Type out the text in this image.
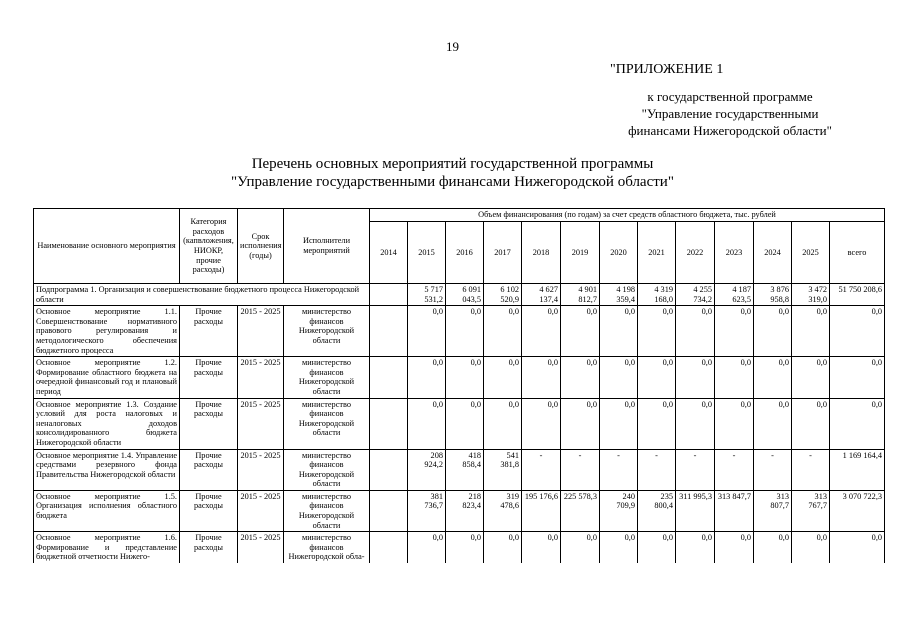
19
"ПРИЛОЖЕНИЕ 1
к государственной программе
"Управление государственными
финансами Нижегородской области"
Перечень основных мероприятий государственной программы
"Управление государственными финансами Нижегородской области"
Наименование основного мероприятия	Категория расходов (капвложения, НИОКР, прочие расходы)	Срок исполнения (годы)	Исполнители мероприятий	Объем финансирования (по годам) за счет средств областного бюджета, тыс. рублей												
				2014	2015	2016	2017	2018	2019	2020	2021	2022	2023	2024	2025	всего
Подпрограмма 1. Организация и совершенствование бюджетного процесса Нижегородской области					5 717 531,2	6 091 043,5	6 102 520,9	4 627 137,4	4 901 812,7	4 198 359,4	4 319 168,0	4 255 734,2	4 187 623,5	3 876 958,8	3 472 319,0	51 750 208,6
Основное мероприятие 1.1. Совершенствование нормативного правового регулирования и методологического обеспечения бюджетного процесса	Прочие расходы	2015 - 2025	министерство финансов Нижегородской области		0,0	0,0	0,0	0,0	0,0	0,0	0,0	0,0	0,0	0,0	0,0	0,0
Основное мероприятие 1.2. Формирование областного бюджета на очередной финансовый год и плановый период	Прочие расходы	2015 - 2025	министерство финансов Нижегородской области		0,0	0,0	0,0	0,0	0,0	0,0	0,0	0,0	0,0	0,0	0,0	0,0
Основное мероприятие 1.3. Создание условий для роста налоговых и неналоговых доходов консолидированного бюджета Нижегородской области	Прочие расходы	2015 - 2025	министерство финансов Нижегородской области		0,0	0,0	0,0	0,0	0,0	0,0	0,0	0,0	0,0	0,0	0,0	0,0
Основное мероприятие 1.4. Управление средствами резервного фонда Правительства Нижегородской области	Прочие расходы	2015 - 2025	министерство финансов Нижегородской области		208 924,2	418 858,4	541 381,8	-	-	-	-	-	-	-	-	1 169 164,4
Основное мероприятие 1.5. Организация исполнения областного бюджета	Прочие расходы	2015 - 2025	министерство финансов Нижегородской области		381 736,7	218 823,4	319 478,6	195 176,6	225 578,3	240 709,9	235 800,4	311 995,3	313 847,7	313 807,7	313 767,7	3 070 722,3
Основное мероприятие 1.6. Формирование и представление бюджетной отчетности Нижего-	Прочие расходы	2015 - 2025	министерство финансов Нижегородской обла-		0,0	0,0	0,0	0,0	0,0	0,0	0,0	0,0	0,0	0,0	0,0	0,0
